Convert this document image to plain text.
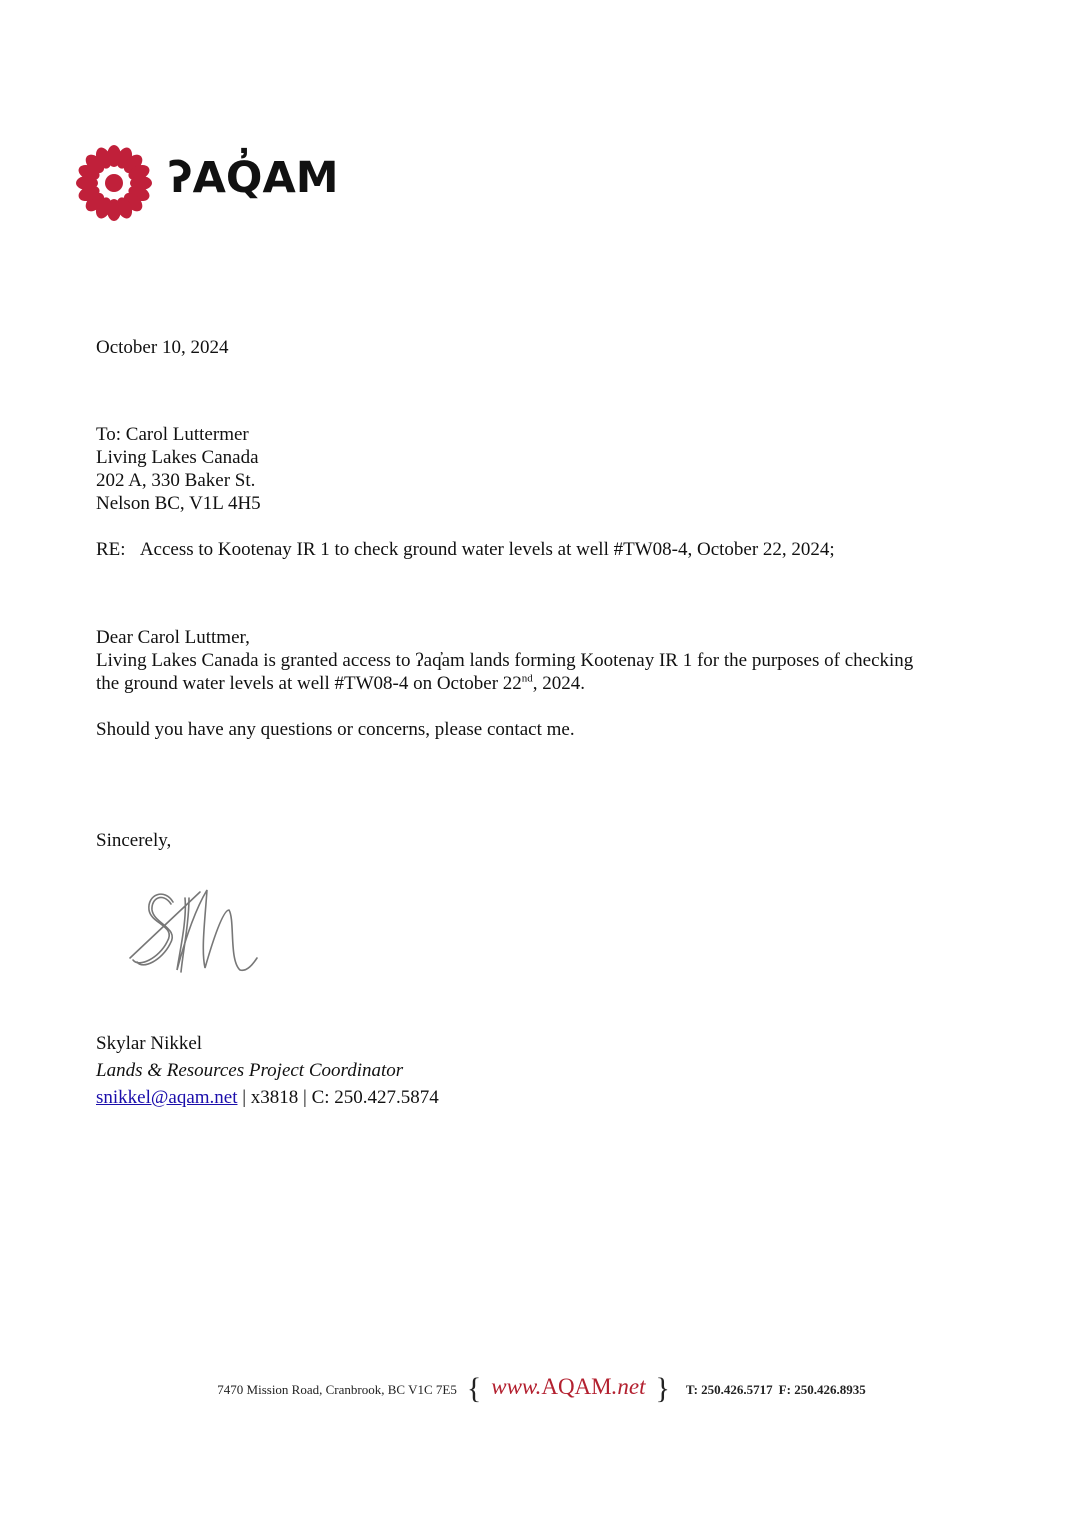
ʔAQ̓AM
October 10, 2024
To: Carol Luttermer
Living Lakes Canada
202 A, 330 Baker St.
Nelson BC, V1L 4H5
RE: Access to Kootenay IR 1 to check ground water levels at well #TW08-4, October 22, 2024;
Dear Carol Luttmer,
Living Lakes Canada is granted access to ʔaq̓am lands forming Kootenay IR 1 for the purposes of checking
the ground water levels at well #TW08-4 on October 22nd, 2024.
Should you have any questions or concerns, please contact me.
Sincerely,
Skylar Nikkel
Lands & Resources Project Coordinator
snikkel@aqam.net | x3818 | C: 250.427.5874
7470 Mission Road, Cranbrook, BC V1C 7E5 { www.AQAM.net } T: 250.426.5717 F: 250.426.8935
